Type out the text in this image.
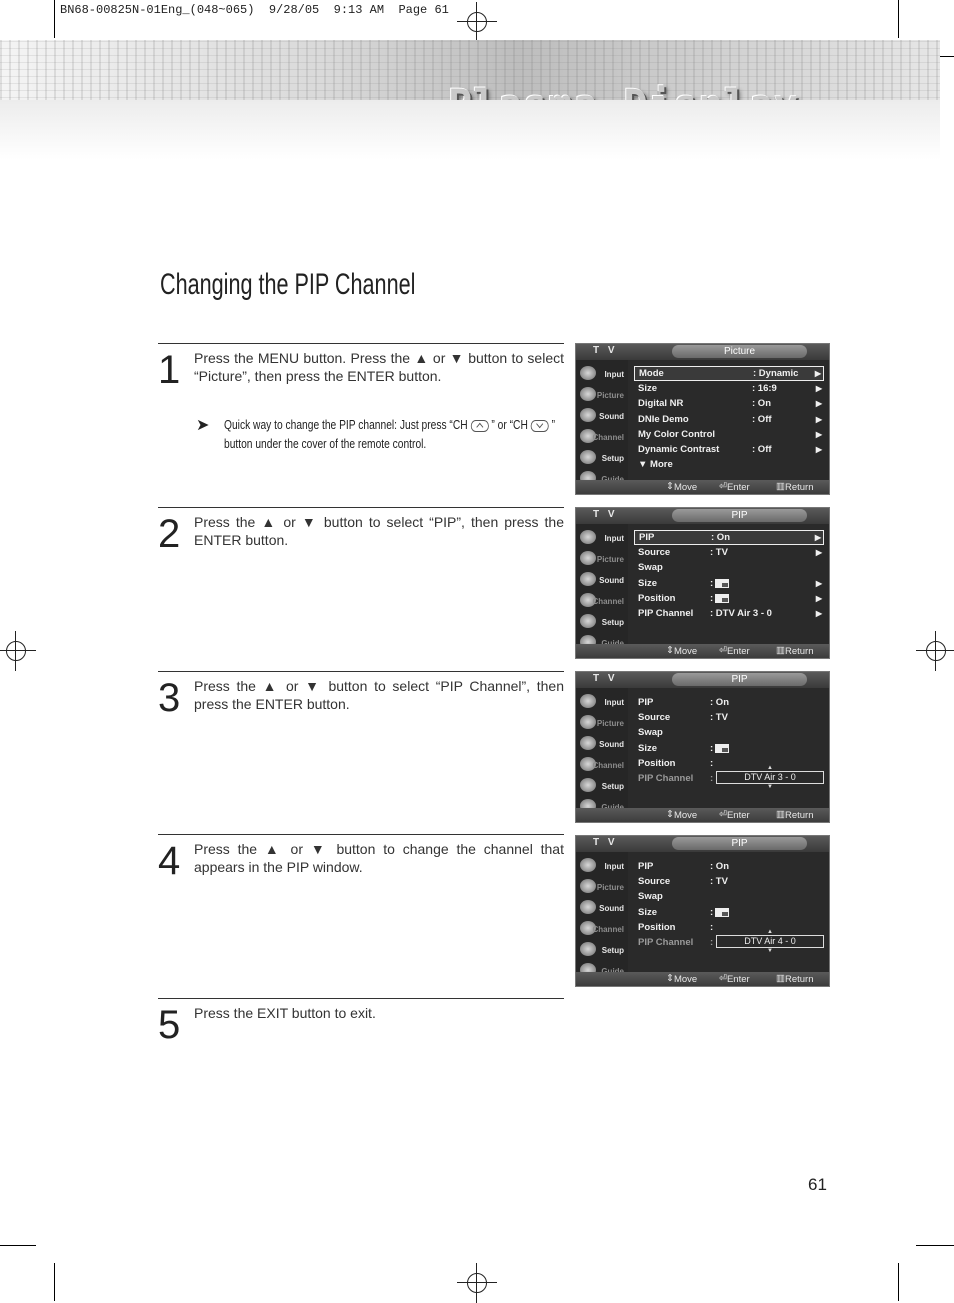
BN68-00825N-01Eng_(048~065)  9/28/05  9:13 AM  Page 61
Changing the PIP Channel
1 Press the MENU button. Press the ▲ or ▼ button to select “Picture”, then press the ENTER button.
➤ Quick way to change the PIP channel: Just press “CH  ” or “CH  ” button under the cover of the remote control.
2 Press the ▲ or ▼ button to select “PIP”, then press the ENTER button.
3 Press the ▲ or ▼ button to select “PIP Channel”, then press the ENTER button.
4 Press the ▲ or ▼ button to change the channel that appears in the PIP window.
5 Press the EXIT button to exit.
T V	Picture
Input
Picture
Sound
Channel
Setup
Mode	: Dynamic ▶
Size	: 16:9	▶
Digital NR	: On	▶
DNIe Demo	: Off	▶
My Color Control	▶
Dynamic Contrast	: Off	▶
▼ More
⇕ Move ⏎ Enter	▥ Return
T V	PIP
Input
Picture
Sound
Channel
Setup
PIP	: On	▶
Source	: TV	▶
Swap
Size	:	▶
Position	:	▶
PIP Channel : DTV Air 3 - 0	▶
⇕ Move ⏎ Enter	▥ Return
T V	PIP
Input
Picture
Sound
Channel
Setup
PIP	: On
Source	: TV
Swap
Size	:
Position	:
PIP Channel :
▲
DTV Air 3 - 0
▼
⇕ Move ⏎ Enter	▥ Return
T V	PIP
Input
Picture
Sound
Channel
Setup
PIP	: On
Source	: TV
Swap
Size	:
Position	:
PIP Channel :
▲
DTV Air 4 - 0
▼
⇕ Move ⏎ Enter	▥ Return
61
